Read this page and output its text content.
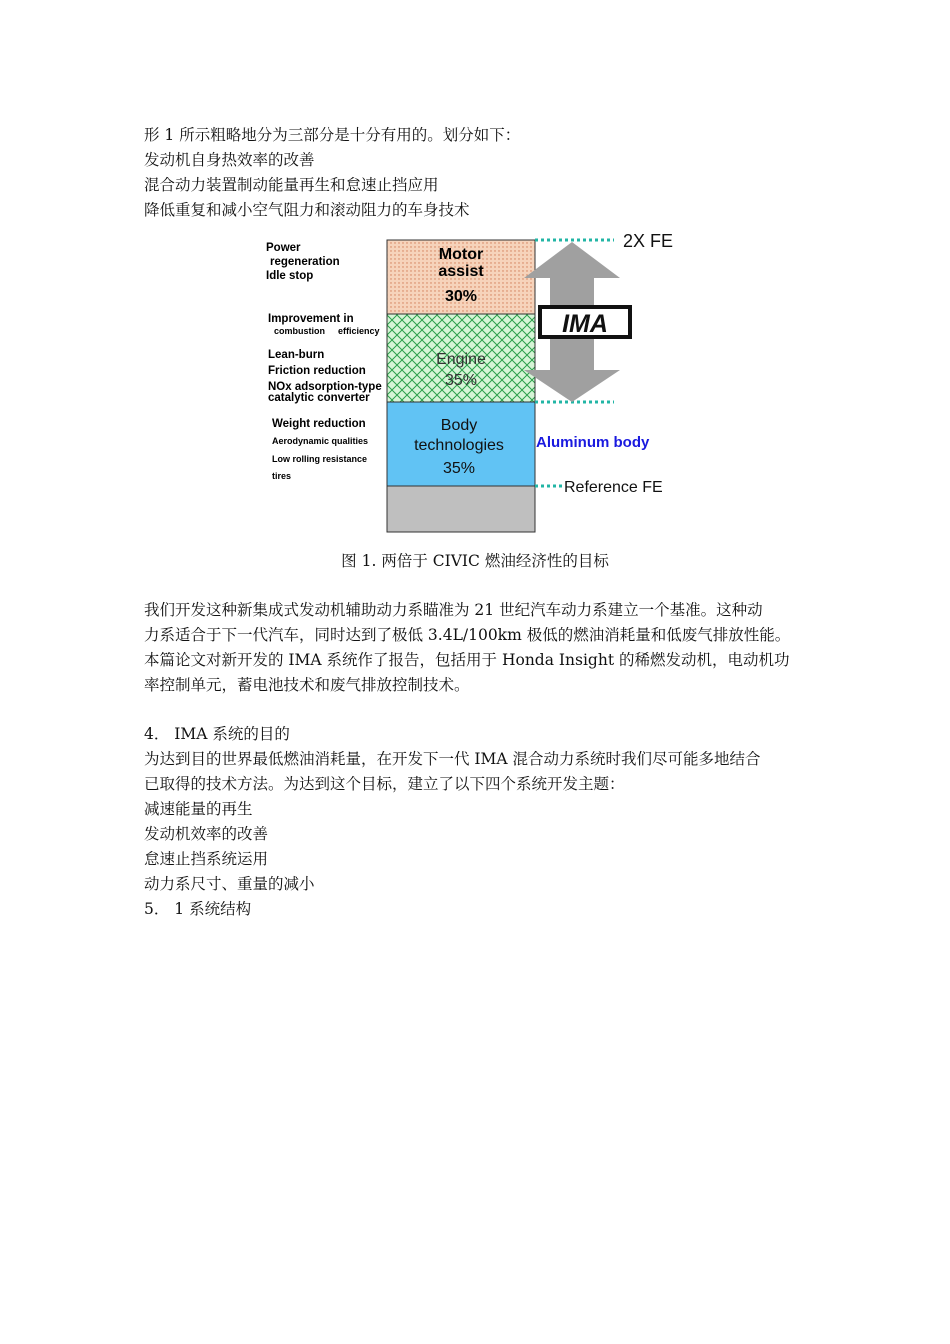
形 1 所示粗略地分为三部分是十分有用的。划分如下：
发动机自身热效率的改善
混合动力装置制动能量再生和怠速止挡应用
降低重复和减小空气阻力和滚动阻力的车身技术
Power
regeneration
Idle stop
Improvement in
combustion efficiency
Lean-burn
Friction reduction
NOx adsorption-type
catalytic converter
Weight reduction
Aerodynamic qualities
Low rolling resistance
tires
Motor
assist
30%
Engine
35%
Body
technologies
35%
IMA
2X FE
Aluminum body
Reference FE
图 1. 两倍于 CIVIC 燃油经济性的目标
我们开发这种新集成式发动机辅助动力系瞄准为 21 世纪汽车动力系建立一个基准。这种动
力系适合于下一代汽车，同时达到了极低 3.4L/100km 极低的燃油消耗量和低废气排放性能。
本篇论文对新开发的 IMA 系统作了报告，包括用于 Honda Insight 的稀燃发动机，电动机功
率控制单元，蓄电池技术和废气排放控制技术。
4． IMA 系统的目的
为达到目的世界最低燃油消耗量，在开发下一代 IMA 混合动力系统时我们尽可能多地结合
已取得的技术方法。为达到这个目标，建立了以下四个系统开发主题：
减速能量的再生
发动机效率的改善
怠速止挡系统运用
动力系尺寸、重量的减小
5． 1 系统结构
